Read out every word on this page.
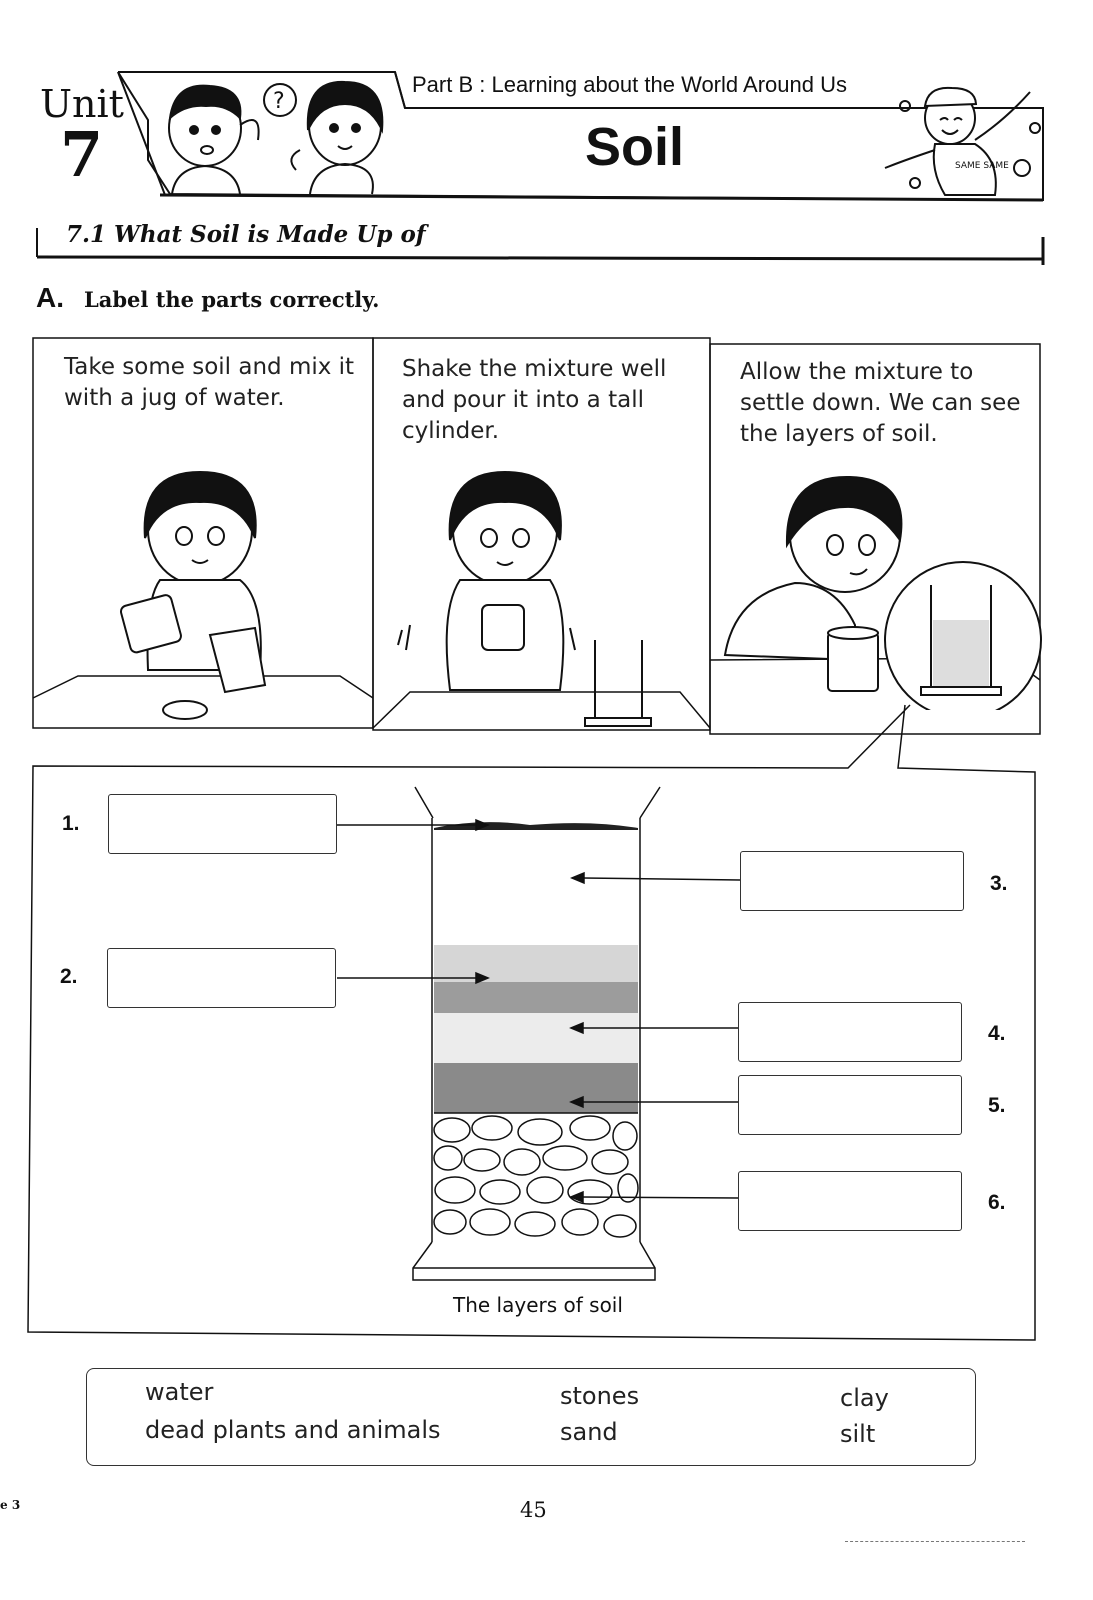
Unit
7
?
SAME SAME
Part B : Learning about the World Around Us
Soil
7.1 What Soil is Made Up of
A. Label the parts correctly.
Take some soil and mix it with a jug of water.
Shake the mixture well and pour it into a tall cylinder.
Allow the mixture to settle down. We can see the layers of soil.
1.
2.
3.
4.
5.
6.
The layers of soil
water
dead plants and animals
stones
sand
clay
silt
e 3	45
